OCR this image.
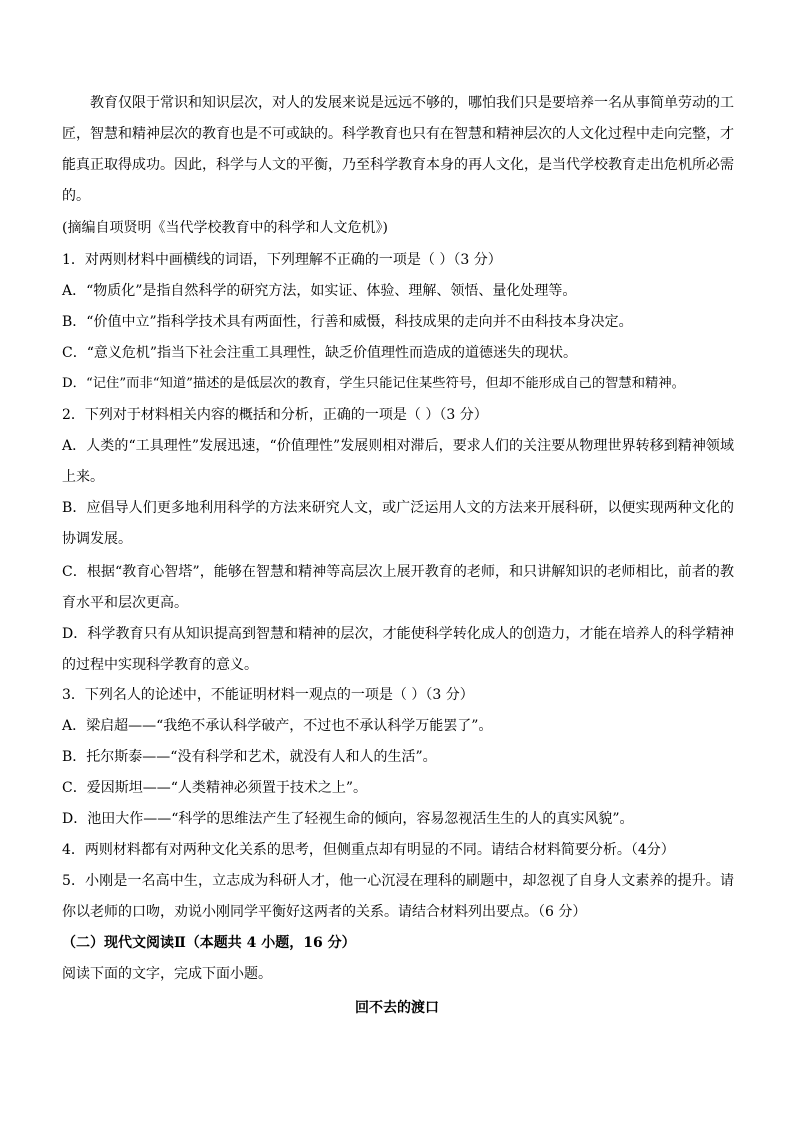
教育仅限于常识和知识层次，对人的发展来说是远远不够的，哪怕我们只是要培养一名从事简单劳动的工匠，智慧和精神层次的教育也是不可或缺的。科学教育也只有在智慧和精神层次的人文化过程中走向完整，才能真正取得成功。因此，科学与人文的平衡，乃至科学教育本身的再人文化，是当代学校教育走出危机所必需的。

(摘编自项贤明《当代学校教育中的科学和人文危机》)
1．对两则材料中画横线的词语，下列理解不正确的一项是（ ）（3 分）
A．“物质化”是指自然科学的研究方法，如实证、体验、理解、领悟、量化处理等。
B．“价值中立”指科学技术具有两面性，行善和威慑，科技成果的走向并不由科技本身决定。
C．“意义危机”指当下社会注重工具理性，缺乏价值理性而造成的道德迷失的现状。
D．“记住”而非“知道”描述的是低层次的教育，学生只能记住某些符号，但却不能形成自己的智慧和精神。
2．下列对于材料相关内容的概括和分析，正确的一项是（ ）（3 分）

A．人类的“工具理性”发展迅速，“价值理性”发展则相对滞后，要求人们的关注要从物理世界转移到精神领域上来。

B．应倡导人们更多地利用科学的方法来研究人文，或广泛运用人文的方法来开展科研，以便实现两种文化的协调发展。

C．根据“教育心智塔”，能够在智慧和精神等高层次上展开教育的老师，和只讲解知识的老师相比，前者的教育水平和层次更高。

D．科学教育只有从知识提高到智慧和精神的层次，才能使科学转化成人的创造力，才能在培养人的科学精神的过程中实现科学教育的意义。

3．下列名人的论述中，不能证明材料一观点的一项是（ ）（3 分）
A．梁启超——“我绝不承认科学破产，不过也不承认科学万能罢了”。
B．托尔斯泰——“没有科学和艺术，就没有人和人的生活”。
C．爱因斯坦——“人类精神必须置于技术之上”。
D．池田大作——“科学的思维法产生了轻视生命的倾向，容易忽视活生生的人的真实风貌”。
4．两则材料都有对两种文化关系的思考，但侧重点却有明显的不同。请结合材料简要分析。（4分）

5．小刚是一名高中生，立志成为科研人才，他一心沉浸在理科的刷题中，却忽视了自身人文素养的提升。请你以老师的口吻，劝说小刚同学平衡好这两者的关系。请结合材料列出要点。（6 分）

（二）现代文阅读Ⅱ（本题共 4 小题，16 分）
阅读下面的文字，完成下面小题。
回不去的渡口
